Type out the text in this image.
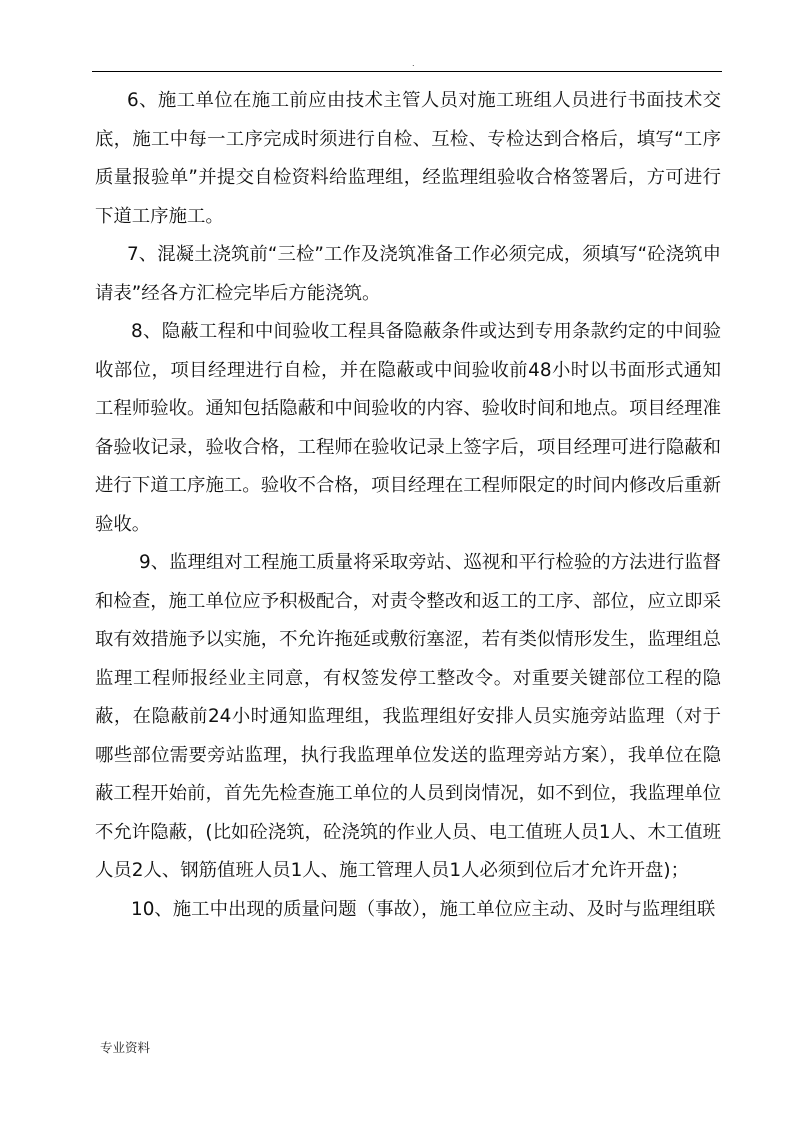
.

6、施工单位在施工前应由技术主管人员对施工班组人员进行书面技术交底，施工中每一工序完成时须进行自检、互检、专检达到合格后，填写“工序质量报验单”并提交自检资料给监理组，经监理组验收合格签署后，方可进行下道工序施工。

7、混凝土浇筑前“三检”工作及浇筑准备工作必须完成，须填写“砼浇筑申请表”经各方汇检完毕后方能浇筑。

8、隐蔽工程和中间验收工程具备隐蔽条件或达到专用条款约定的中间验收部位，项目经理进行自检，并在隐蔽或中间验收前48小时以书面形式通知工程师验收。通知包括隐蔽和中间验收的内容、验收时间和地点。项目经理准备验收记录，验收合格，工程师在验收记录上签字后，项目经理可进行隐蔽和进行下道工序施工。验收不合格，项目经理在工程师限定的时间内修改后重新验收。

9、监理组对工程施工质量将采取旁站、巡视和平行检验的方法进行监督和检查，施工单位应予积极配合，对责令整改和返工的工序、部位，应立即采取有效措施予以实施，不允许拖延或敷衍塞涩，若有类似情形发生，监理组总监理工程师报经业主同意，有权签发停工整改令。对重要关键部位工程的隐蔽，在隐蔽前24小时通知监理组，我监理组好安排人员实施旁站监理（对于哪些部位需要旁站监理，执行我监理单位发送的监理旁站方案），我单位在隐蔽工程开始前，首先先检查施工单位的人员到岗情况，如不到位，我监理单位不允许隐蔽，(比如砼浇筑，砼浇筑的作业人员、电工值班人员1人、木工值班人员2人、钢筋值班人员1人、施工管理人员1人必须到位后才允许开盘)；

10、施工中出现的质量问题（事故），施工单位应主动、及时与监理组联

专业资料
